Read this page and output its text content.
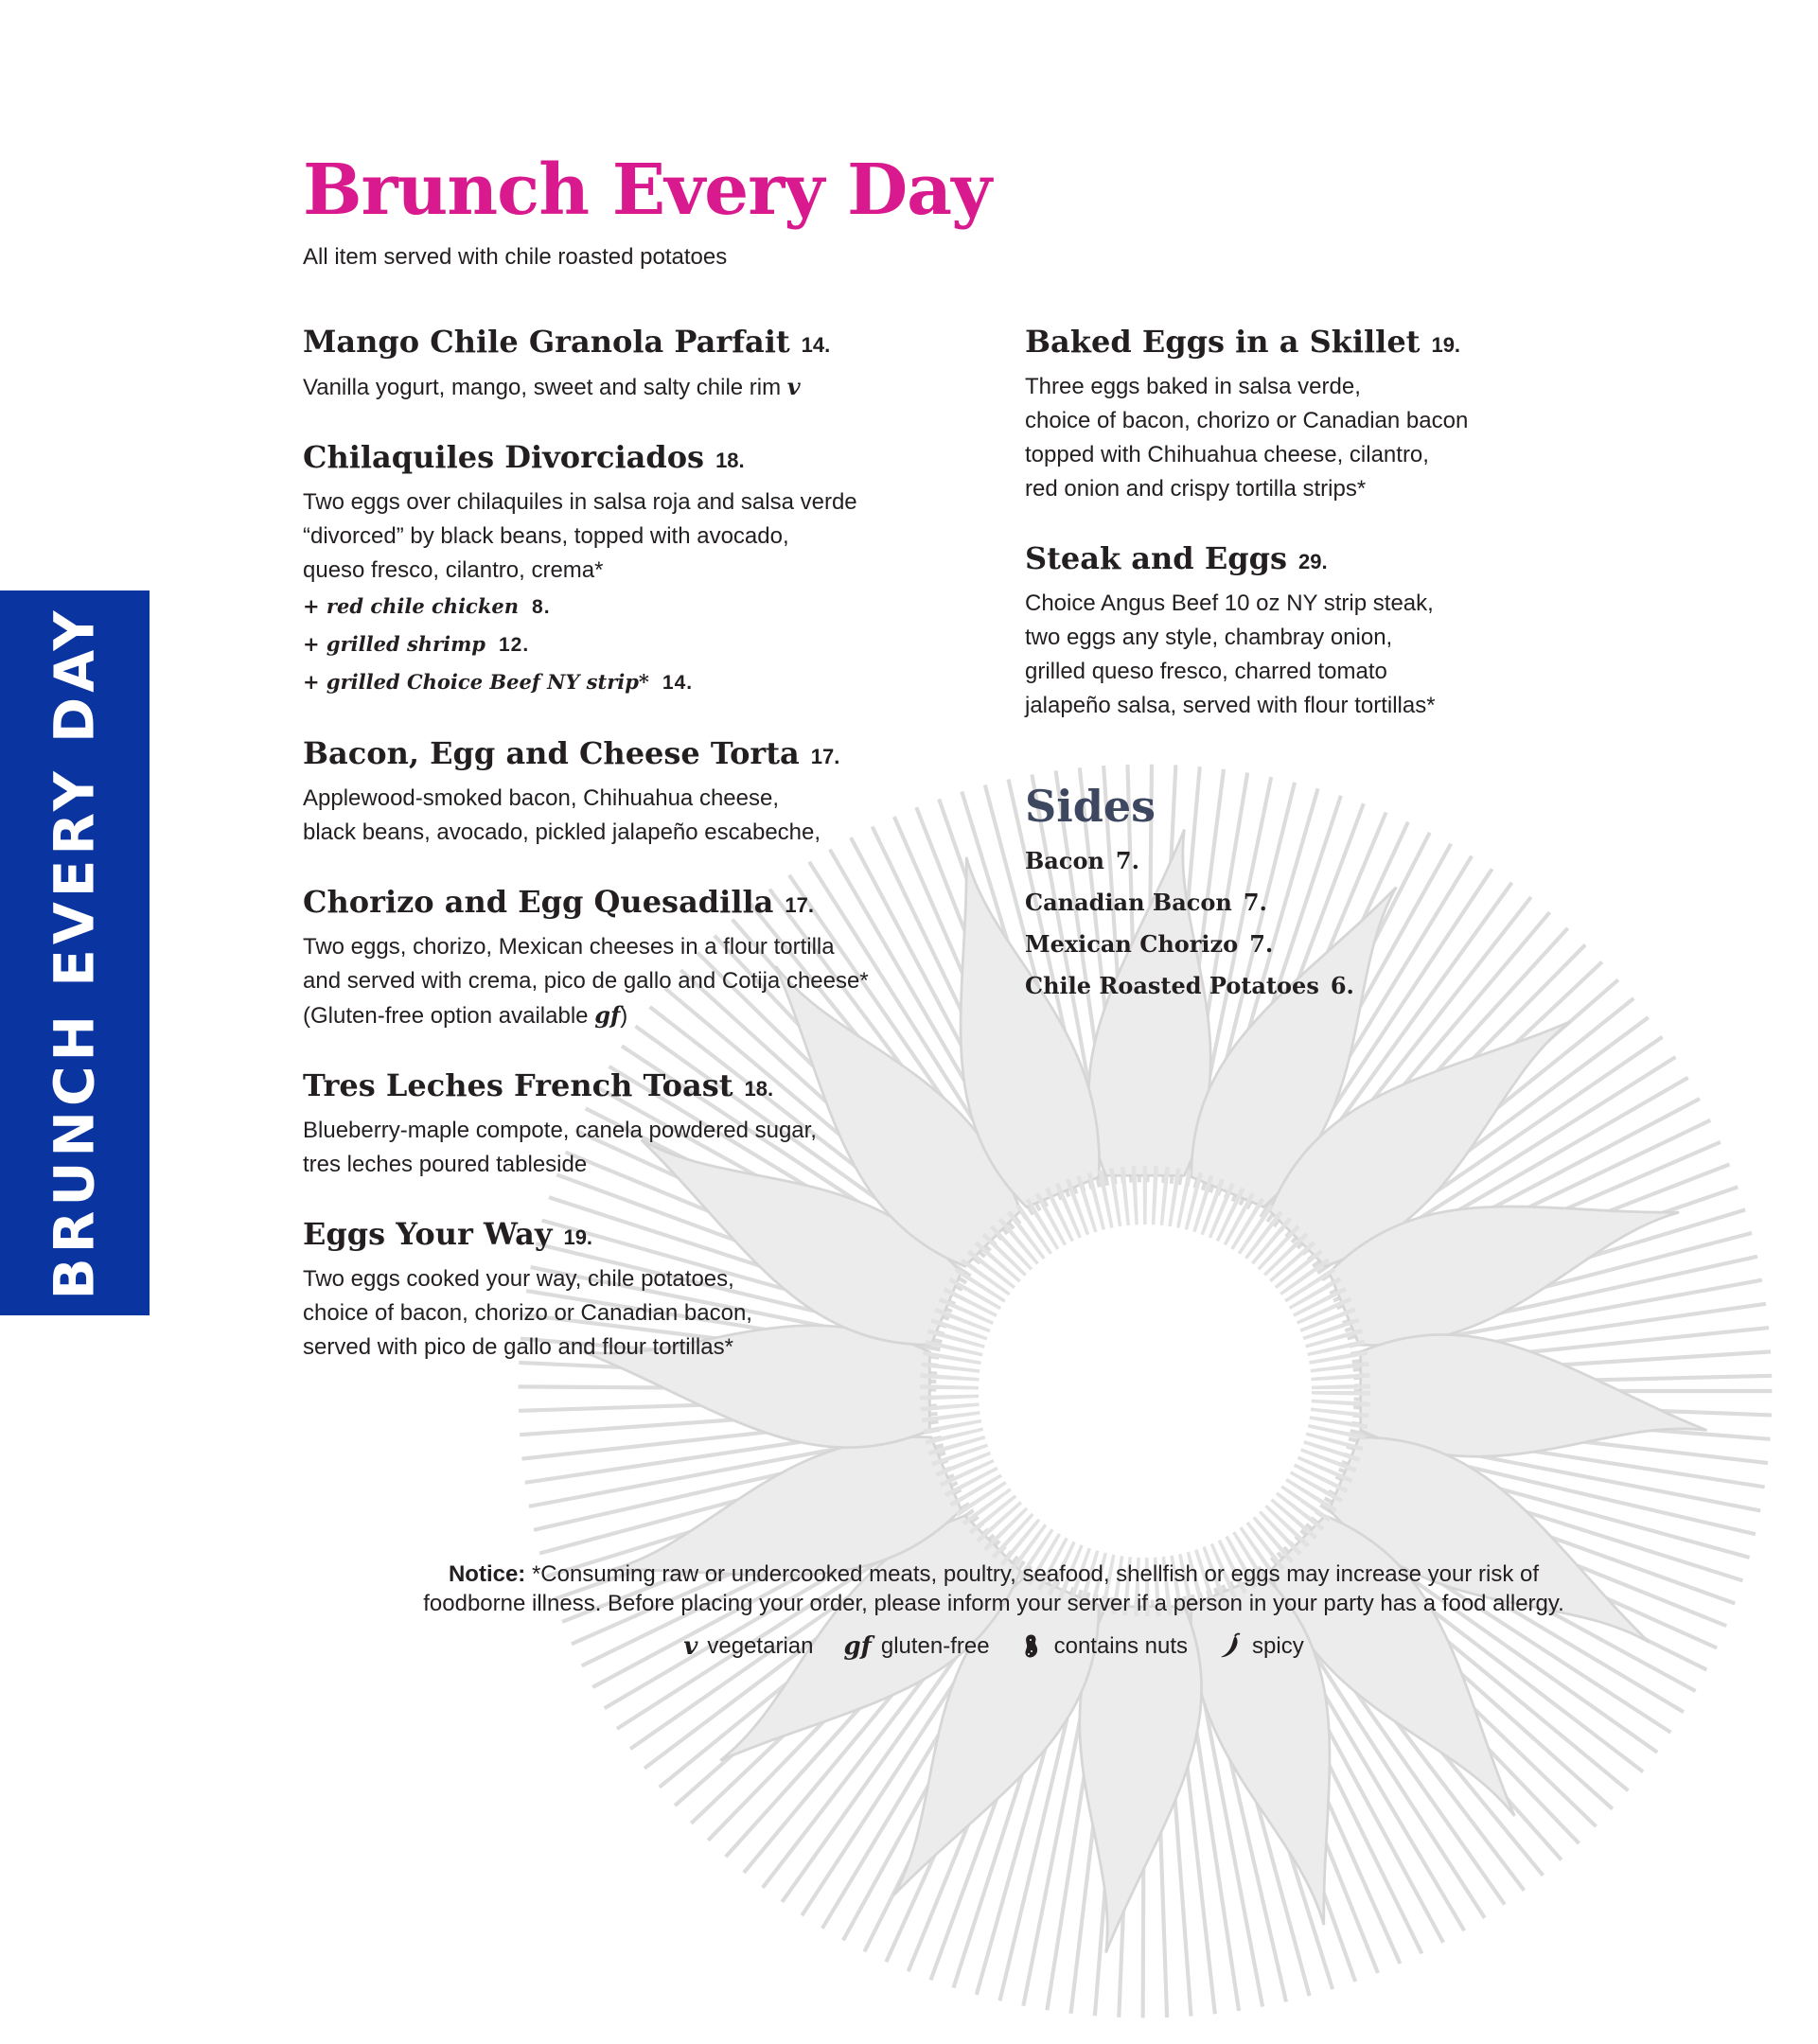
BRUNCH EVERY DAY
Brunch Every Day
All item served with chile roasted potatoes
Mango Chile Granola Parfait 14.
Vanilla yogurt, mango, sweet and salty chile rim v
Chilaquiles Divorciados 18.
Two eggs over chilaquiles in salsa roja and salsa verde
“divorced” by black beans, topped with avocado,
queso fresco, cilantro, crema*
+ red chile chicken 8.
+ grilled shrimp 12.
+ grilled Choice Beef NY strip* 14.
Bacon, Egg and Cheese Torta 17.
Applewood-smoked bacon, Chihuahua cheese,
black beans, avocado, pickled jalapeño escabeche,
Chorizo and Egg Quesadilla 17.
Two eggs, chorizo, Mexican cheeses in a flour tortilla
and served with crema, pico de gallo and Cotija cheese*
(Gluten-free option available gf)
Tres Leches French Toast 18.
Blueberry-maple compote, canela powdered sugar,
tres leches poured tableside
Eggs Your Way 19.
Two eggs cooked your way, chile potatoes,
choice of bacon, chorizo or Canadian bacon,
served with pico de gallo and flour tortillas*
Baked Eggs in a Skillet 19.
Three eggs baked in salsa verde,
choice of bacon, chorizo or Canadian bacon
topped with Chihuahua cheese, cilantro,
red onion and crispy tortilla strips*
Steak and Eggs 29.
Choice Angus Beef 10 oz NY strip steak,
two eggs any style, chambray onion,
grilled queso fresco, charred tomato
jalapeño salsa, served with flour tortillas*
Sides
Bacon 7.
Canadian Bacon 7.
Mexican Chorizo 7.
Chile Roasted Potatoes 6.
Notice: *Consuming raw or undercooked meats, poultry, seafood, shellfish or eggs may increase your risk of
foodborne illness. Before placing your order, please inform your server if a person in your party has a food allergy.
v vegetarian gf gluten-free	contains nuts	spicy
